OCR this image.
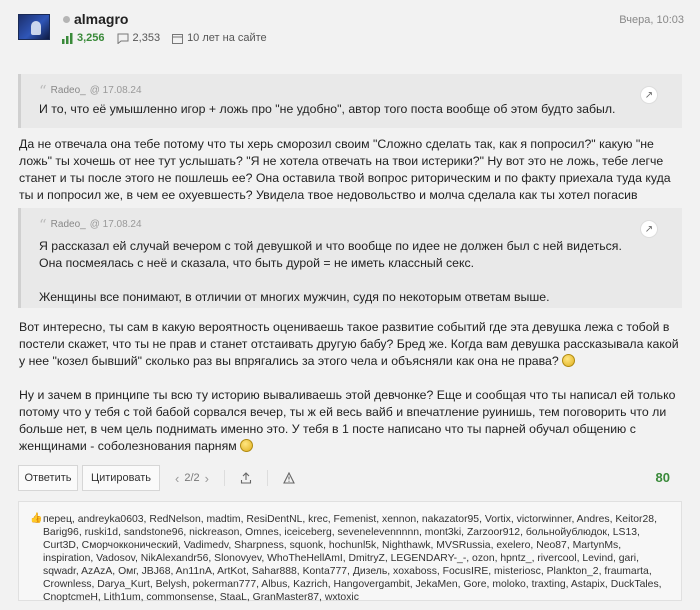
almagro
3,256	2,353 10 лет на сайте
Вчера, 10:03
“ Radeo_ @ 17.08.24	↗
И то, что её умышленно игор + ложь про "не удобно", автор того поста вообще об этом будто забыл.
Да не отвечала она тебе потому что ты херь сморозил своим "Сложно сделать так, как я попросил?" какую "не ложь" ты хочешь от нее тут услышать? "Я не хотела отвечать на твои истерики?" Ну вот это не ложь, тебе легче станет и ты после этого не пошлешь ее? Она оставила твой вопрос риторическим и по факту приехала туда куда ты и попросил же, в чем ее охуевшесть? Увидела твое недовольство и молча сделала как ты хотел погасив
“ Radeo_ @ 17.08.24	↗
Я рассказал ей случай вечером с той девушкой и что вообще по идее не должен был с ней видеться.
Она посмеялась с неё и сказала, что быть дурой = не иметь классный секс.
Женщины все понимают, в отличии от многих мужчин, судя по некоторым ответам выше.
Вот интересно, ты сам в какую вероятность оцениваешь такое развитие событий где эта девушка лежа с тобой в постели скажет, что ты не прав и станет отстаивать другую бабу? Бред же. Когда вам девушка рассказывала какой у нее "козел бывший" сколько раз вы впрягались за этого чела и объясняли как она не права?
Ну и зачем в принципе ты всю ту историю вываливаешь этой девчонке? Еще и сообщая что ты написал ей только потому что у тебя с той бабой сорвался вечер, ты ж ей весь вайб и впечатление руинишь, тем поговорить что ли больше нет, в чем цель поднимать именно это. У тебя в 1 посте написано что ты парней обучал общению с женщинами - соболезнования парням
Ответить	Цитировать	‹ 2/2 ›	80
👍 перец, andreyka0603, RedNelson, madtim, ResiDentNL, krec, Femenist, xennon, nakazator95, Vortix, victorwinner, Andres, Keitor28, Barig96, ruski1d, sandstone96, nickreason, Omnes, iceiceberg, sevenelevennnnn, mont3ki, Zarzoor912, больнойублюдок, LS13, Curt3D, Сморчокконический, Vadimedv, Sharpness, squonk, hochunl5k, Nighthawk, MVSRussia, exelero, Neo87, MartynMs, inspiration, Vadosov, NikAlexandr56, Slonovyev, WhoTheHellAmI, DmitryZ, LEGENDARY-_-, ozon, hpntz_, rivercool, Levind, gari, sqwadr, AzAzA, Омг, JBJ68, An11nA, ArtKot, Sahar888, Konta777, Дизель, xoxaboss, FocusIRE, misteriosc, Plankton_2, fraumarta, Crownless, Darya_Kurt, Belysh, pokerman777, Albus, Kazrich, Hangovergambit, JekaMen, Gore, moloko, traxting, Astapix, DuckTales, CnoptcmeH, Lith1um, commonsense, StaaL, GranMaster87, wxtoxic
